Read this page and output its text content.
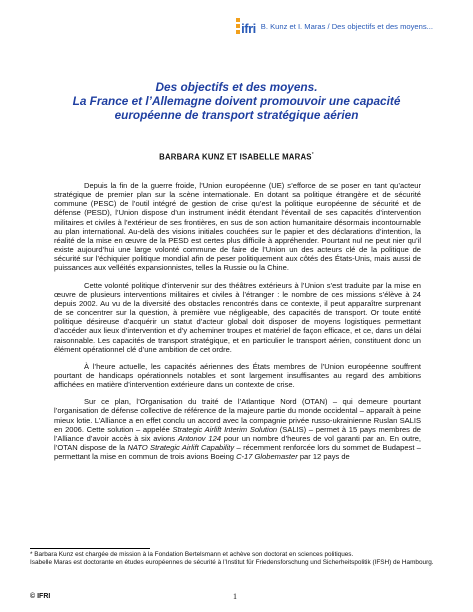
ifri B. Kunz et I. Maras / Des objectifs et des moyens...
Des objectifs et des moyens.
La France et l’Allemagne doivent promouvoir une capacité
européenne de transport stratégique aérien
BARBARA KUNZ ET ISABELLE MARAS*

Depuis la fin de la guerre froide, l’Union européenne (UE) s’efforce de se poser en tant qu’acteur stratégique de premier plan sur la scène internationale. En dotant sa politique étrangère et de sécurité commune (PESC) de l’outil intégré de gestion de crise qu’est la politique européenne de sécurité et de défense (PESD), l’Union dispose d’un instrument inédit étendant l’éventail de ses capacités d’intervention militaires et civiles à l’extérieur de ses frontières, en sus de son action humanitaire désormais incontournable au plan international. Au-delà des visions initiales couchées sur le papier et des déclarations d’intention, la réalité de la mise en œuvre de la PESD est certes plus difficile à appréhender. Pourtant nul ne peut nier qu’il existe aujourd’hui une large volonté commune de faire de l’Union un des acteurs clé de la politique de sécurité sur l’échiquier politique mondial afin de peser politiquement aux côtés des États-Unis, mais aussi de puissances aux velléités expansionnistes, telles la Russie ou la Chine.

Cette volonté politique d’intervenir sur des théâtres extérieurs à l’Union s’est traduite par la mise en œuvre de plusieurs interventions militaires et civiles à l’étranger : le nombre de ces missions s’élève à 24 depuis 2002. Au vu de la diversité des obstacles rencontrés dans ce contexte, il peut apparaître surprenant de se concentrer sur la question, à première vue négligeable, des capacités de transport. Or toute entité politique désireuse d’acquérir un statut d’acteur global doit disposer de moyens logistiques permettant d’accéder aux lieux d’intervention et d’y acheminer troupes et matériel de façon efficace, et ce, dans un délai raisonnable. Les capacités de transport stratégique, et en particulier le transport aérien, constituent donc un élément opérationnel clé d’une ambition de cet ordre.

À l’heure actuelle, les capacités aériennes des États membres de l’Union européenne souffrent pourtant de handicaps opérationnels notables et sont largement insuffisantes au regard des ambitions affichées en matière d’intervention extérieure dans un contexte de crise.

Sur ce plan, l’Organisation du traité de l’Atlantique Nord (OTAN) – qui demeure pourtant l’organisation de défense collective de référence de la majeure partie du monde occidental – apparaît à peine mieux lotie. L’Alliance a en effet conclu un accord avec la compagnie privée russo-ukrainienne Ruslan SALIS en 2006. Cette solution – appelée Strategic Airlift Interim Solution (SALIS) – permet à 15 pays membres de l’Alliance d’avoir accès à six avions Antonov 124 pour un nombre d’heures de vol garanti par an. En outre, l’OTAN dispose de la NATO Strategic Airlift Capability – récemment renforcée lors du sommet de Budapest – permettant la mise en commun de trois avions Boeing C-17 Globemaster par 12 pays de

* Barbara Kunz est chargée de mission à la Fondation Bertelsmann et achève son doctorat en sciences politiques.
Isabelle Maras est doctorante en études européennes de sécurité à l’Institut für Friedensforschung und Sicherheitspolitik (IFSH) de Hambourg.
© IFRI	1
